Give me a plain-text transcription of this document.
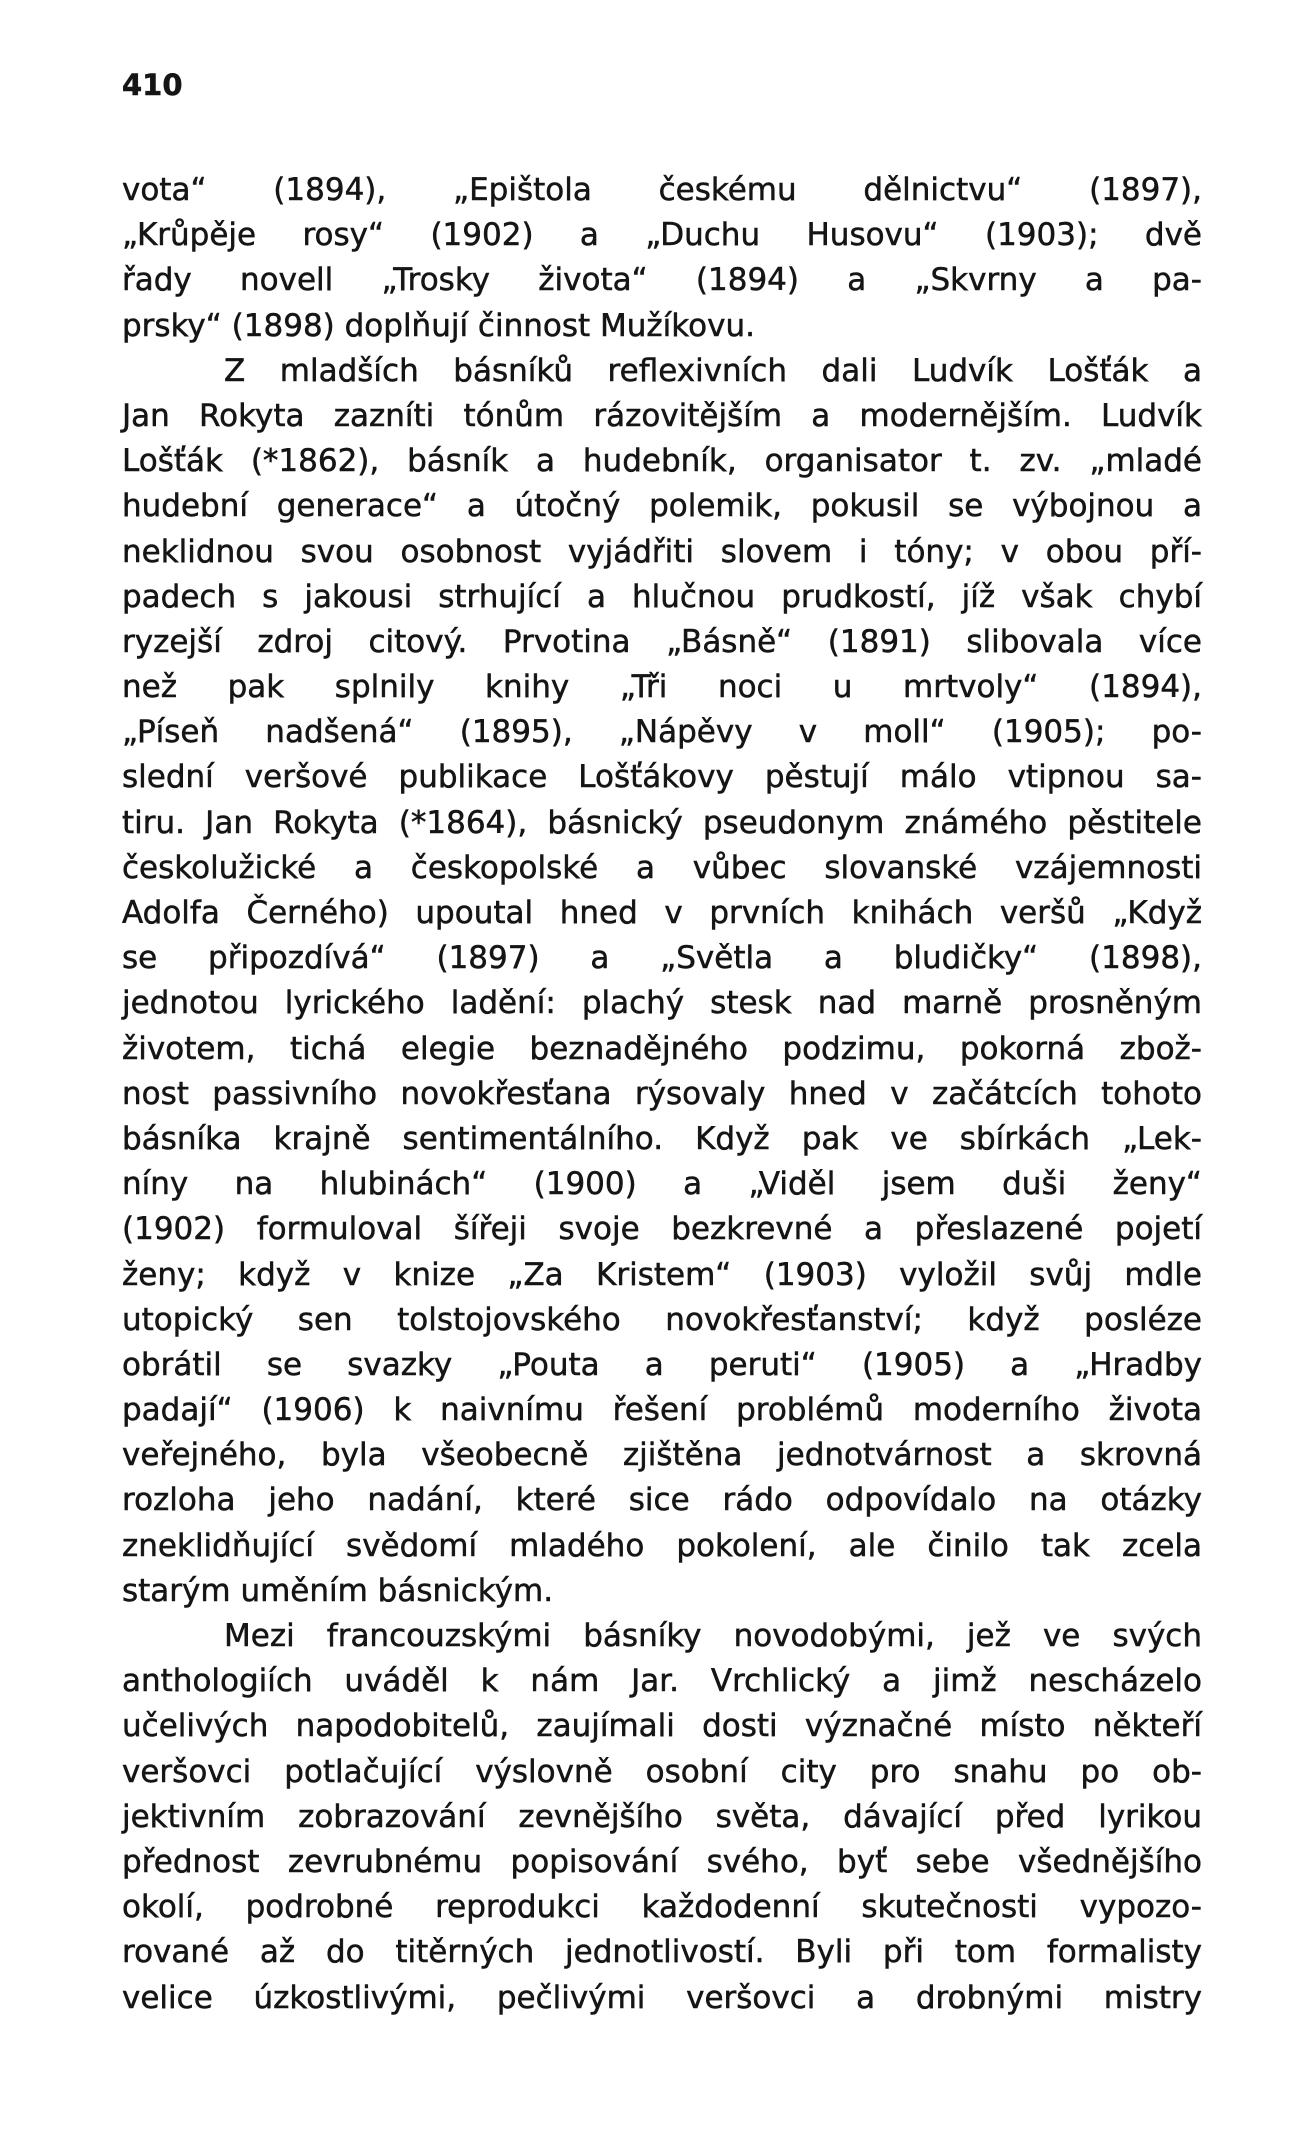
410
vota“ (1894), „Epištola českému dělnictvu“ (1897),
„Krůpěje rosy“ (1902) a „Duchu Husovu“ (1903); dvě
řady novell „Trosky života“ (1894) a „Skvrny a pa-
prsky“ (1898) doplňují činnost Mužíkovu.
Z mladších básníků reflexivních dali Ludvík Lošťák a
Jan Rokyta zazníti tónům rázovitějším a modernějším. Ludvík
Lošťák (*1862), básník a hudebník, organisator t. zv. „mladé
hudební generace“ a útočný polemik, pokusil se výbojnou a
neklidnou svou osobnost vyjádřiti slovem i tóny; v obou pří-
padech s jakousi strhující a hlučnou prudkostí, jíž však chybí
ryzejší zdroj citový. Prvotina „Básně“ (1891) slibovala více
než pak splnily knihy „Tři noci u mrtvoly“ (1894),
„Píseň nadšená“ (1895), „Nápěvy v moll“ (1905); po-
slední veršové publikace Lošťákovy pěstují málo vtipnou sa-
tiru. Jan Rokyta (*1864), básnický pseudonym známého pěstitele
českolužické a českopolské a vůbec slovanské vzájemnosti
Adolfa Černého) upoutal hned v prvních knihách veršů „Když
se připozdívá“ (1897) a „Světla a bludičky“ (1898),
jednotou lyrického ladění: plachý stesk nad marně prosněným
životem, tichá elegie beznadějného podzimu, pokorná zbož-
nost passivního novokřesťana rýsovaly hned v začátcích tohoto
básníka krajně sentimentálního. Když pak ve sbírkách „Lek-
níny na hlubinách“ (1900) a „Viděl jsem duši ženy“
(1902) formuloval šířeji svoje bezkrevné a přeslazené pojetí
ženy; když v knize „Za Kristem“ (1903) vyložil svůj mdle
utopický sen tolstojovského novokřesťanství; když posléze
obrátil se svazky „Pouta a peruti“ (1905) a „Hradby
padají“ (1906) k naivnímu řešení problémů moderního života
veřejného, byla všeobecně zjištěna jednotvárnost a skrovná
rozloha jeho nadání, které sice rádo odpovídalo na otázky
zneklidňující svědomí mladého pokolení, ale činilo tak zcela
starým uměním básnickým.
Mezi francouzskými básníky novodobými, jež ve svých
anthologiích uváděl k nám Jar. Vrchlický a jimž nescházelo
učelivých napodobitelů, zaujímali dosti význačné místo někteří
veršovci potlačující výslovně osobní city pro snahu po ob-
jektivním zobrazování zevnějšího světa, dávající před lyrikou
přednost zevrubnému popisování svého, byť sebe všednějšího
okolí, podrobné reprodukci každodenní skutečnosti vypozo-
rované až do titěrných jednotlivostí. Byli při tom formalisty
velice úzkostlivými, pečlivými veršovci a drobnými mistry
